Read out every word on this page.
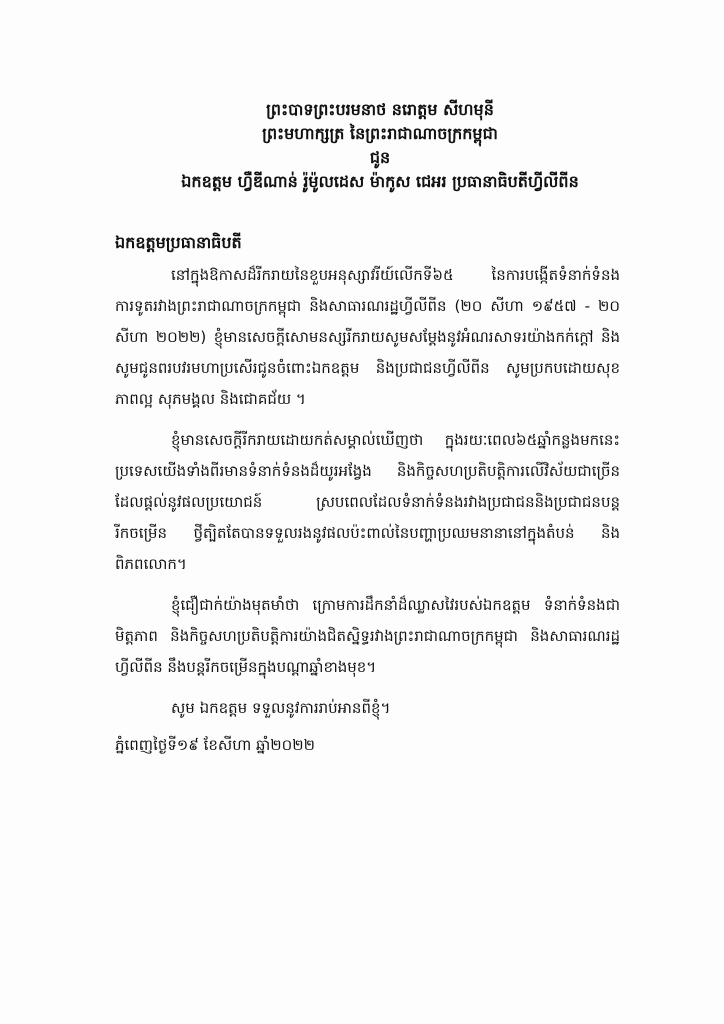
ព្រះបាទព្រះបរមនាថ នរោត្តម សីហមុនី
ព្រះមហាក្សត្រ នៃព្រះរាជាណាចក្រកម្ពុជា
ជូន
ឯកឧត្តម ហ្វឺឌីណាន់ រ៉ូម៉ូលដេស ម៉ាកូស ជេអរ ប្រធានាធិបតីហ្វីលីពីន
ឯកឧត្តមប្រធានាធិបតី

នៅក្នុងឱកាសដ៏រីករាយនៃខួបអនុស្សាវរីយ៍លើកទី៦៥ នៃការបង្កើតទំនាក់ទំនងការទូតរវាងព្រះរាជាណាចក្រកម្ពុជា និងសាធារណរដ្ឋហ្វីលីពីន (២០ សីហា ១៩៥៧ - ២០ សីហា ២០២២) ខ្ញុំមានសេចក្តីសោមនស្សរីករាយសូមសម្តែងនូវអំណរសាទរយ៉ាងកក់ក្តៅ និងសូមជូនពរបវរមហាប្រសើរជូនចំពោះឯកឧត្តម និងប្រជាជនហ្វីលីពីន សូមប្រកបដោយសុខភាពល្អ សុភមង្គល និងជោគជ័យ ។

ខ្ញុំមានសេចក្តីរីករាយដោយកត់សម្គាល់ឃើញថា ក្នុងរយៈពេល៦៥ឆ្នាំកន្លងមកនេះ ប្រទេសយើងទាំងពីរមានទំនាក់ទំនងដ៏យូរអង្វែង និងកិច្ចសហប្រតិបត្តិការលើវិស័យជាច្រើនដែលផ្តល់នូវផលប្រយោជន៍ ស្របពេលដែលទំនាក់ទំនងរវាងប្រជាជននិងប្រជាជនបន្តរីកចម្រើន ថ្វីត្បិតតែបានទទួលរងនូវផលប៉ះពាល់នៃបញ្ហាប្រឈមនានានៅក្នុងតំបន់ និងពិភពលោក។

ខ្ញុំជឿជាក់យ៉ាងមុតមាំថា ក្រោមការដឹកនាំដ៏ឈ្លាសវៃរបស់ឯកឧត្តម ទំនាក់ទំនងជាមិត្តភាព និងកិច្ចសហប្រតិបត្តិការយ៉ាងជិតស្និទ្ធរវាងព្រះរាជាណាចក្រកម្ពុជា និងសាធារណរដ្ឋហ្វីលីពីន នឹងបន្តរីកចម្រើនក្នុងបណ្តាឆ្នាំខាងមុខ។

សូម ឯកឧត្តម ទទួលនូវការរាប់អានពីខ្ញុំ។

ភ្នំពេញថ្ងៃទី១៩ ខែសីហា ឆ្នាំ២០២២
